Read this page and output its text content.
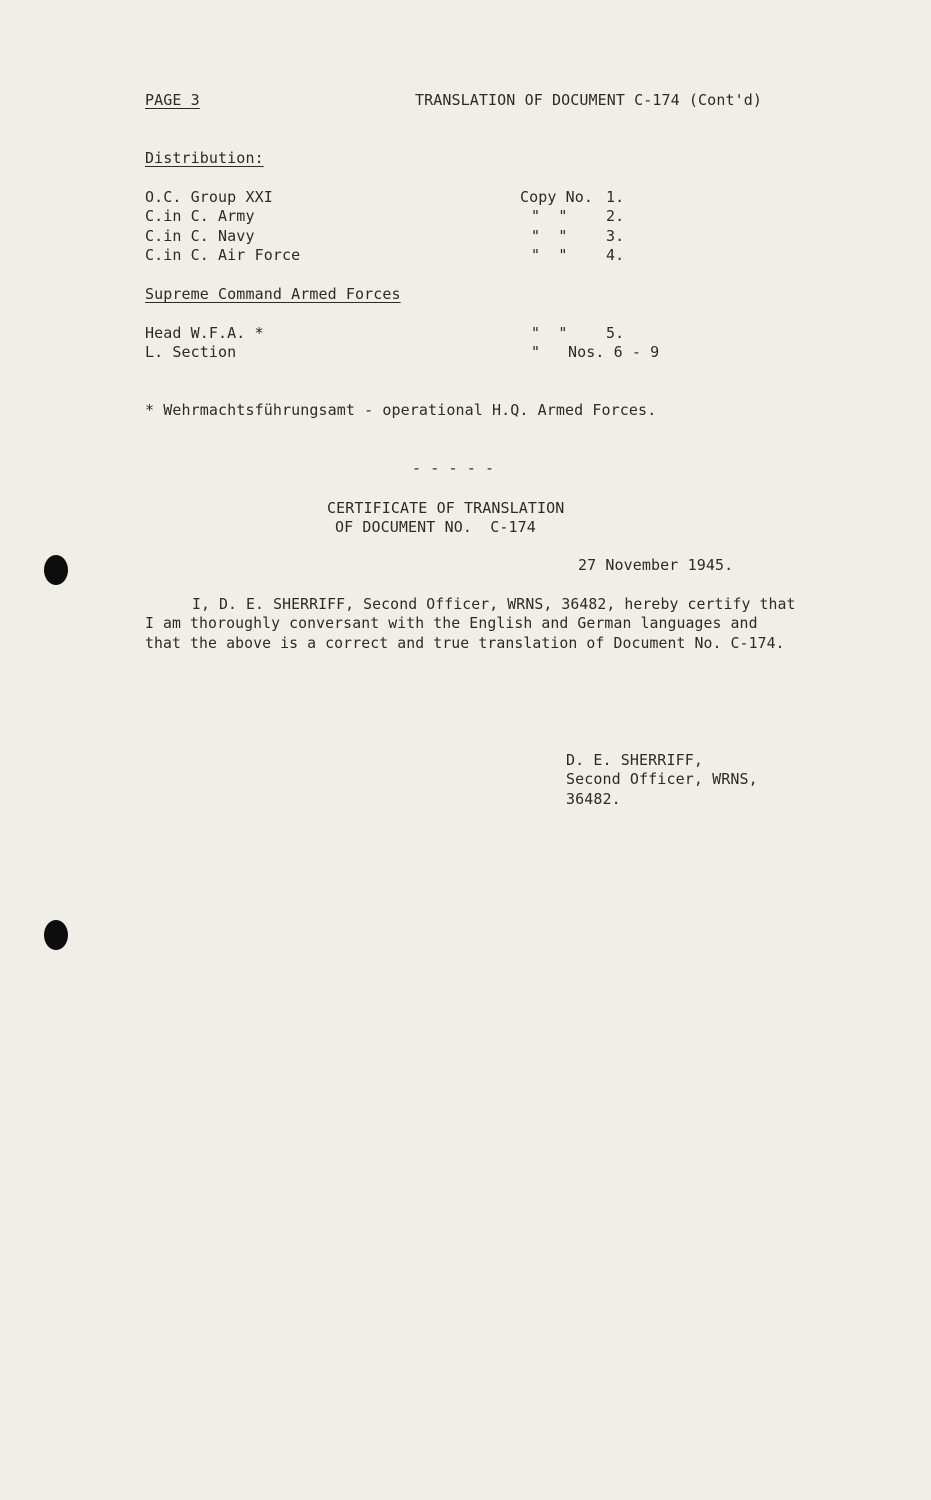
PAGE 3	TRANSLATION OF DOCUMENT C-174 (Cont'd)
Distribution:
O.C. Group XXI	Copy No. 1.
C.in C. Army	"  "	2.
C.in C. Navy	"  "	3.
C.in C. Air Force	"  "	4.
Supreme Command Armed Forces
Head W.F.A. *	"  "	5.
L. Section	" Nos. 6 - 9
* Wehrmachtsführungsamt - operational H.Q. Armed Forces.
- - - - -
CERTIFICATE OF TRANSLATION
OF DOCUMENT NO.  C-174
27 November 1945.
I, D. E. SHERRIFF, Second Officer, WRNS, 36482, hereby certify that
I am thoroughly conversant with the English and German languages and
that the above is a correct and true translation of Document No. C-174.
D. E. SHERRIFF,
Second Officer, WRNS,
36482.
